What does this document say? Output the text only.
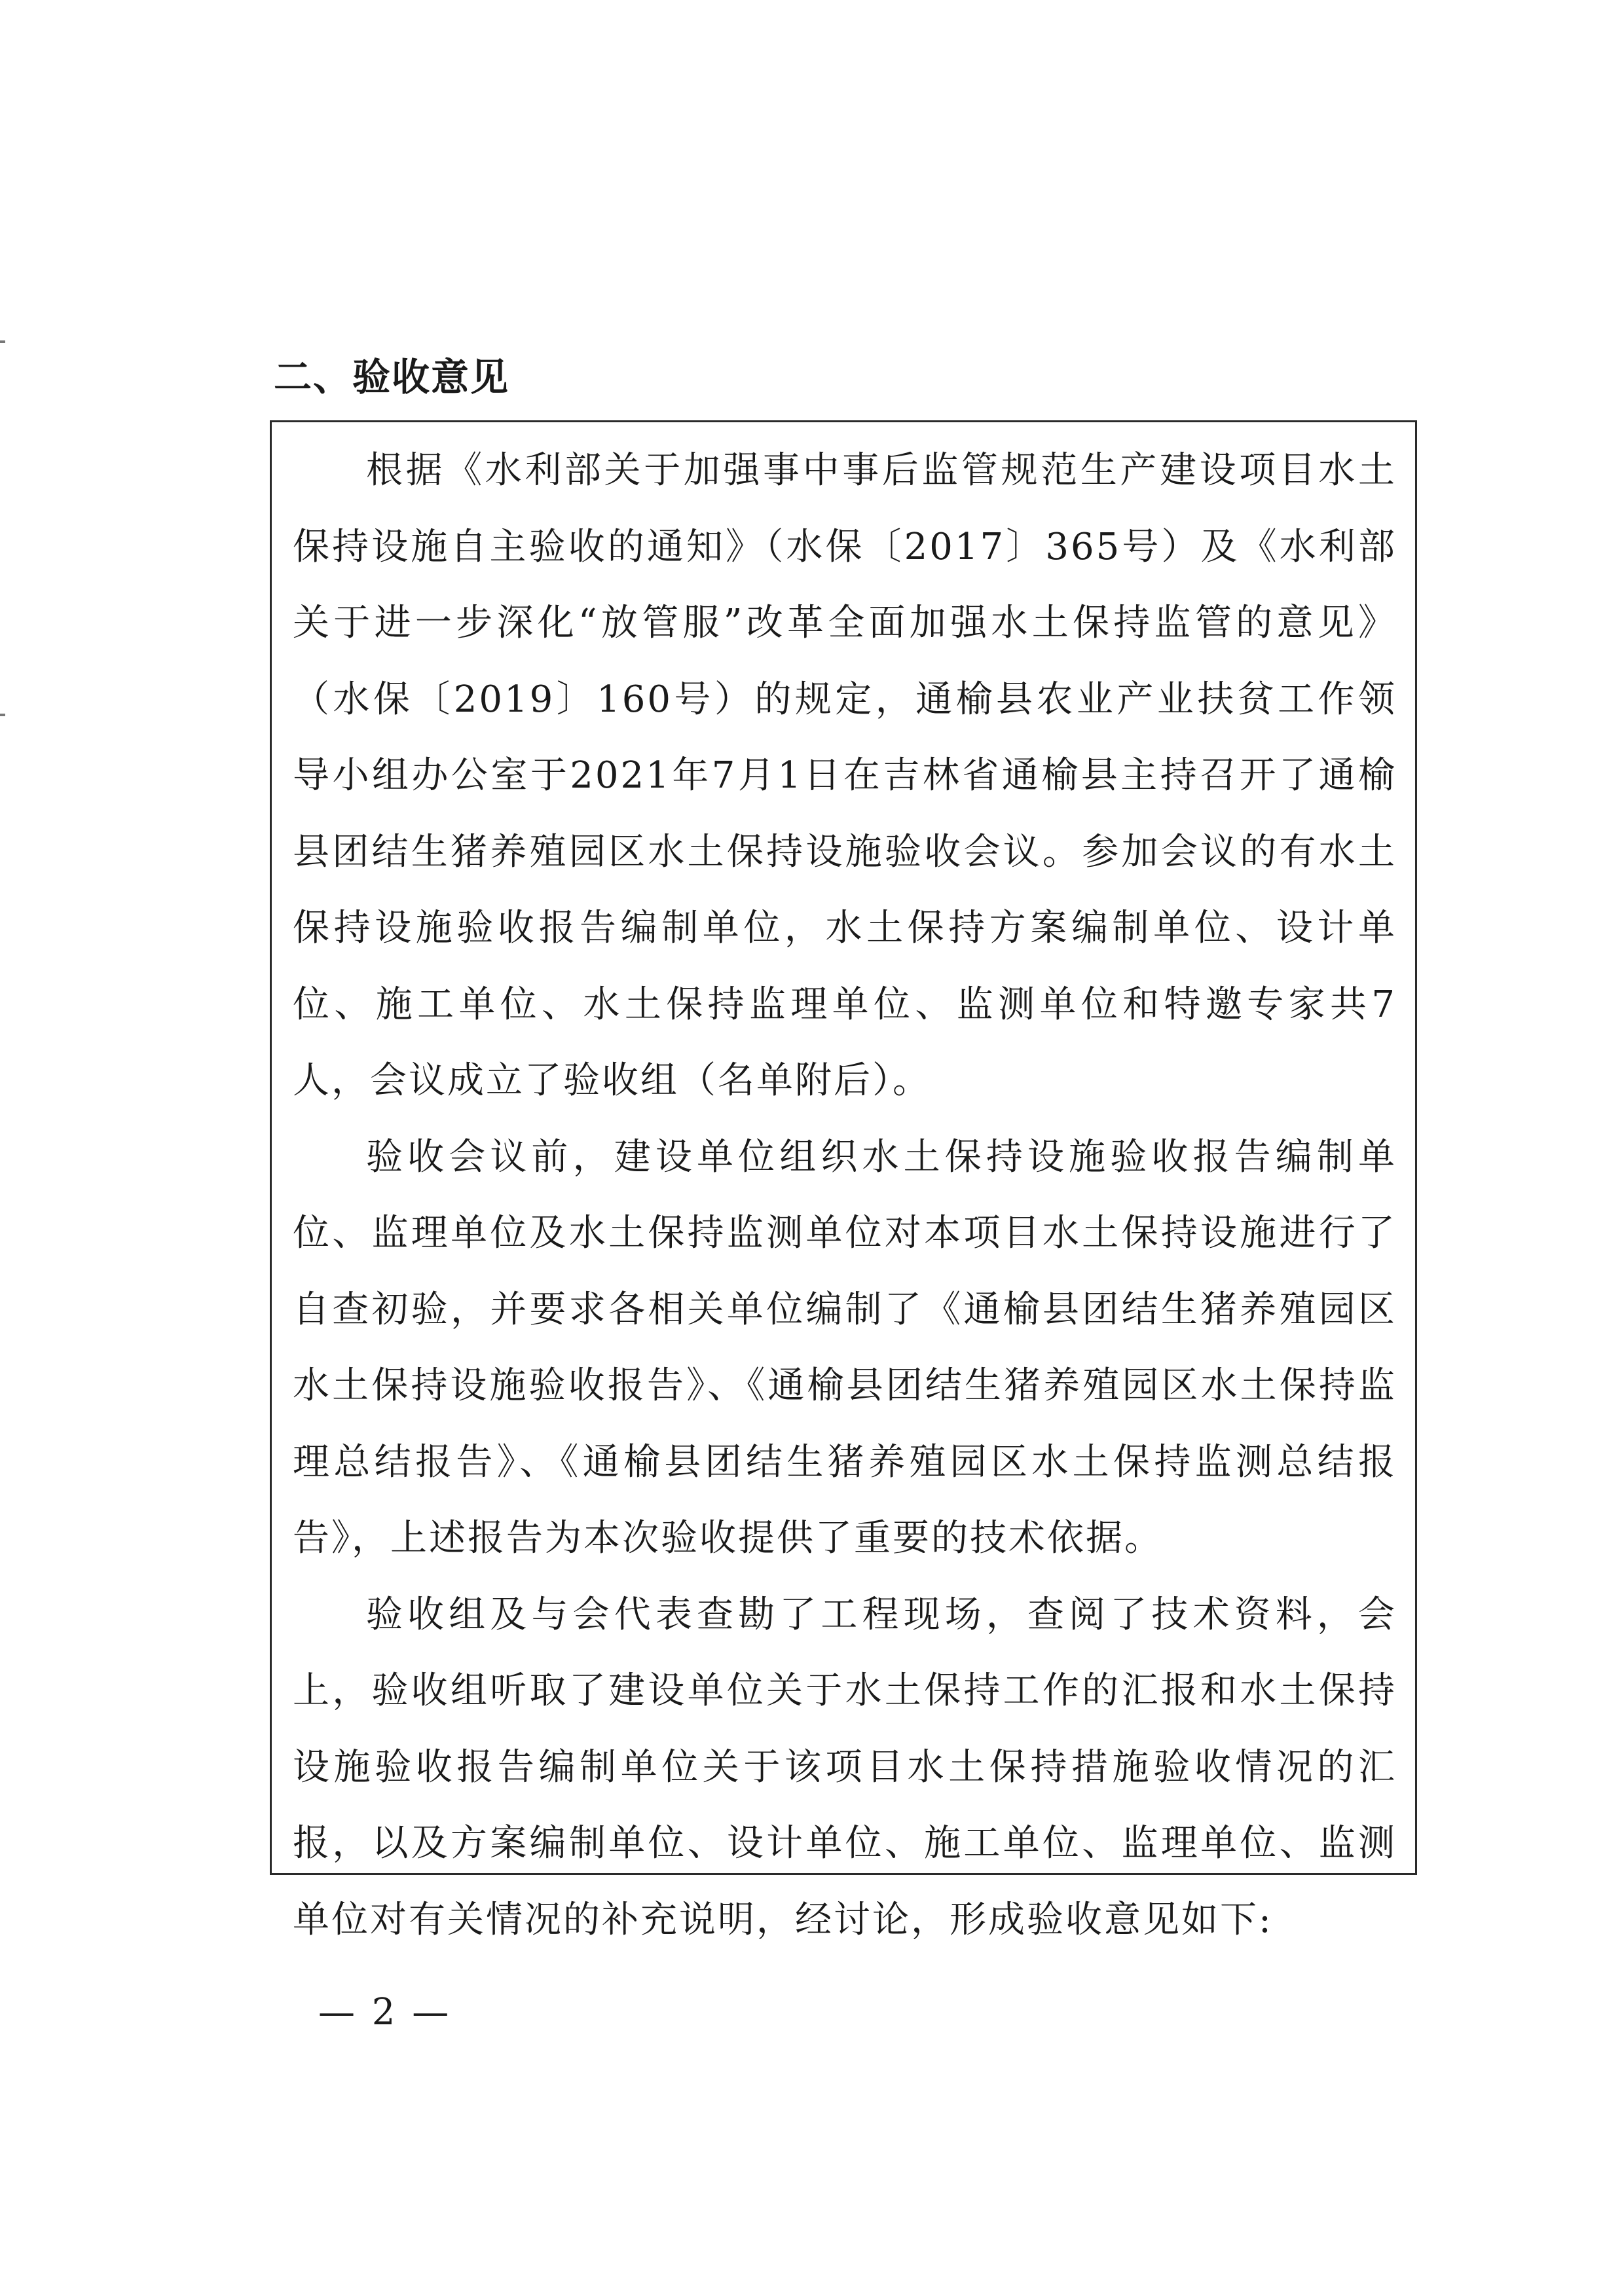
二、验收意见

根据《水利部关于加强事中事后监管规范生产建设项目水土保持设施自主验收的通知》（水保〔2017〕365号）及《水利部关于进一步深化“放管服”改革全面加强水土保持监管的意见》（水保〔2019〕160号）的规定，通榆县农业产业扶贫工作领导小组办公室于2021年7月1日在吉林省通榆县主持召开了通榆县团结生猪养殖园区水土保持设施验收会议。参加会议的有水土保持设施验收报告编制单位，水土保持方案编制单位、设计单位、施工单位、水土保持监理单位、监测单位和特邀专家共7人，会议成立了验收组（名单附后）。

验收会议前，建设单位组织水土保持设施验收报告编制单位、监理单位及水土保持监测单位对本项目水土保持设施进行了自查初验，并要求各相关单位编制了《通榆县团结生猪养殖园区水土保持设施验收报告》、《通榆县团结生猪养殖园区水土保持监理总结报告》、《通榆县团结生猪养殖园区水土保持监测总结报告》，上述报告为本次验收提供了重要的技术依据。

验收组及与会代表查勘了工程现场，查阅了技术资料，会上，验收组听取了建设单位关于水土保持工作的汇报和水土保持设施验收报告编制单位关于该项目水土保持措施验收情况的汇报，以及方案编制单位、设计单位、施工单位、监理单位、监测单位对有关情况的补充说明，经讨论，形成验收意见如下:

— 2 —
